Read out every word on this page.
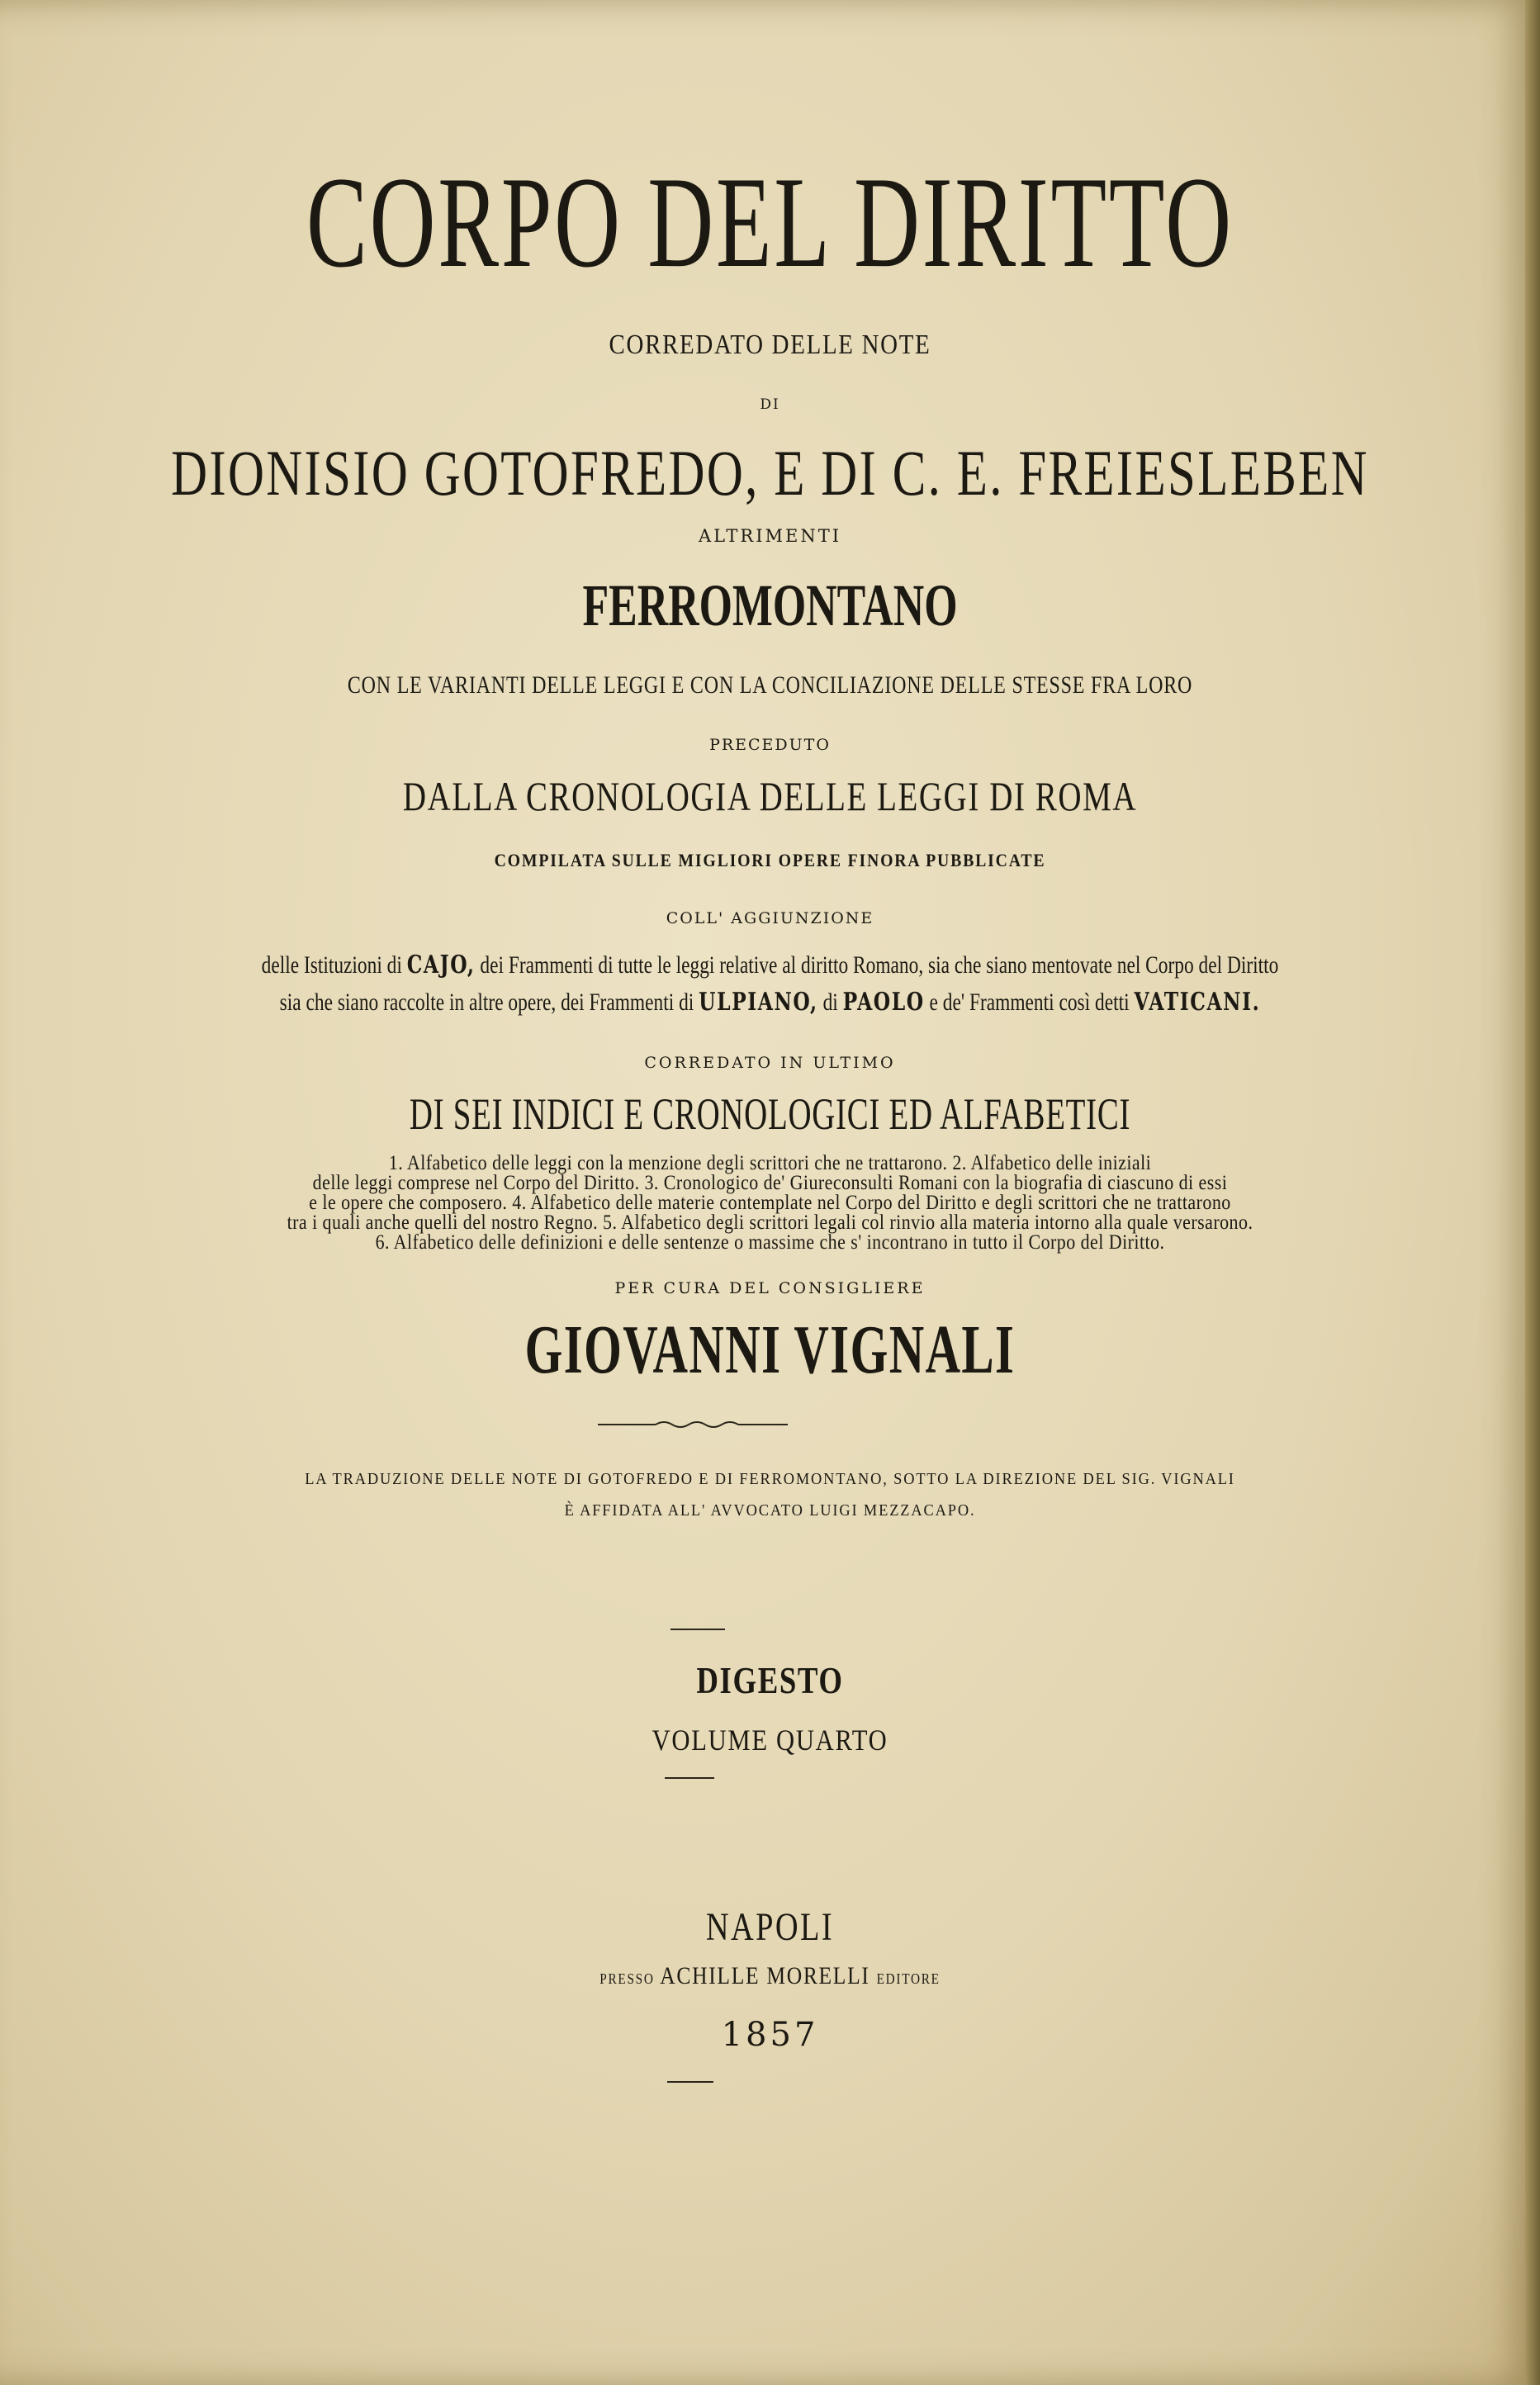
CORPO DEL DIRITTO

CORREDATO DELLE NOTE

DI

DIONISIO GOTOFREDO, E DI C. E. FREIESLEBEN

ALTRIMENTI

FERROMONTANO

CON LE VARIANTI DELLE LEGGI E CON LA CONCILIAZIONE DELLE STESSE FRA LORO

PRECEDUTO

DALLA CRONOLOGIA DELLE LEGGI DI ROMA

COMPILATA SULLE MIGLIORI OPERE FINORA PUBBLICATE

COLL' AGGIUNZIONE

delle Istituzioni di CAJO, dei Frammenti di tutte le leggi relative al diritto Romano, sia che siano mentovate nel Corpo del Diritto

sia che siano raccolte in altre opere, dei Frammenti di ULPIANO, di PAOLO e de' Frammenti così detti VATICANI.

CORREDATO IN ULTIMO

DI SEI INDICI E CRONOLOGICI ED ALFABETICI

1. Alfabetico delle leggi con la menzione degli scrittori che ne trattarono. 2. Alfabetico delle iniziali

delle leggi comprese nel Corpo del Diritto. 3. Cronologico de' Giureconsulti Romani con la biografia di ciascuno di essi

e le opere che composero. 4. Alfabetico delle materie contemplate nel Corpo del Diritto e degli scrittori che ne trattarono

tra i quali anche quelli del nostro Regno. 5. Alfabetico degli scrittori legali col rinvio alla materia intorno alla quale versarono.

6. Alfabetico delle definizioni e delle sentenze o massime che s' incontrano in tutto il Corpo del Diritto.

PER CURA DEL CONSIGLIERE

GIOVANNI VIGNALI

LA TRADUZIONE DELLE NOTE DI GOTOFREDO E DI FERROMONTANO, SOTTO LA DIREZIONE DEL SIG. VIGNALI

È AFFIDATA ALL' AVVOCATO LUIGI MEZZACAPO.

DIGESTO

VOLUME QUARTO

NAPOLI

PRESSO ACHILLE MORELLI EDITORE

1857
